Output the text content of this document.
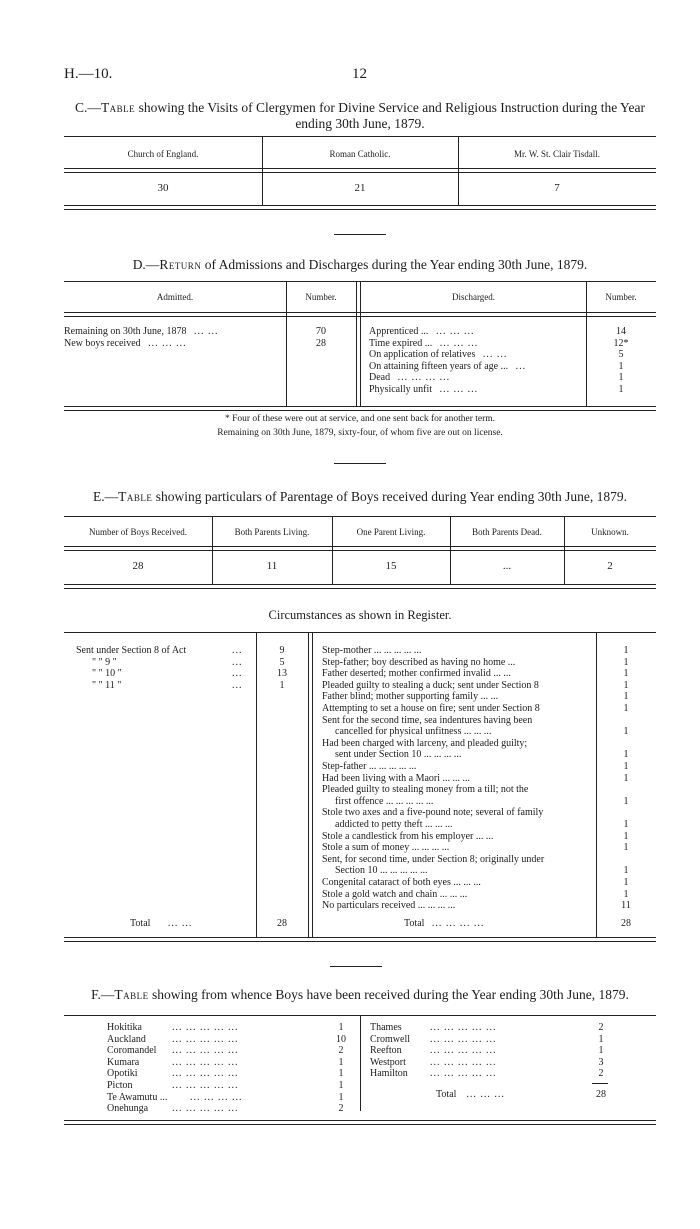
H.—10.	12
C.—Table showing the Visits of Clergymen for Divine Service and Religious Instruction during the Year ending 30th June, 1879.
Church of England.	Roman Catholic.	Mr. W. St. Clair Tisdall.
30	21	7
D.—Return of Admissions and Discharges during the Year ending 30th June, 1879.
Admitted.	Number.	Discharged.	Number.
Remaining on 30th June, 1878 ... ...	70
New boys received ... ... ...	28
Apprenticed ... ... ... ...	14
Time expired ... ... ... ...	12*
On application of relatives ... ...	5
On attaining fifteen years of age ... ...	1
Dead ... ... ... ...	1
Physically unfit ... ... ...	1
* Four of these were out at service, and one sent back for another term.
Remaining on 30th June, 1879, sixty-four, of whom five are out on license.
E.—Table showing particulars of Parentage of Boys received during Year ending 30th June, 1879.
Number of Boys Received.	Both Parents Living.	One Parent Living.	Both Parents Dead.	Unknown.
28	11	15	...	2
Circumstances as shown in Register.
Sent under Section 8 of Act	...	9
" " 9 "	...	5
" " 10 "	...	13
" " 11 "	...	1
Step-mother ... ... ... ... ...	1
Step-father; boy described as having no home ...	1
Father deserted; mother confirmed invalid ... ...	1
Pleaded guilty to stealing a duck; sent under Section 8	1
Father blind; mother supporting family ... ...	1
Attempting to set a house on fire; sent under Section 8	1
Sent for the second time, sea indentures having been
cancelled for physical unfitness ... ... ...	1
Had been charged with larceny, and pleaded guilty;
sent under Section 10 ... ... ... ...	1
Step-father ... ... ... ... ...	1
Had been living with a Maori ... ... ...	1
Pleaded guilty to stealing money from a till; not the
first offence ... ... ... ... ...	1
Stole two axes and a five-pound note; several of family
addicted to petty theft ... ... ...	1
Stole a candlestick from his employer ... ...	1
Stole a sum of money ... ... ... ...	1
Sent, for second time, under Section 8; originally under
Section 10 ... ... ... ... ...	1
Congenital cataract of both eyes ... ... ...	1
Stole a gold watch and chain ... ... ...	1
No particulars received ... ... ... ...	11
Total ... ...	28	Total ... ... ... ...	28
F.—Table showing from whence Boys have been received during the Year ending 30th June, 1879.
Hokitika	... ... ... ... ...	1
Auckland	... ... ... ... ...	10
Coromandel ... ... ... ... ...	2
Kumara	... ... ... ... ...	1
Opotiki	... ... ... ... ...	1
Picton	... ... ... ... ...	1
Te Awamutu ... ... ... ... ...	1
Onehunga ... ... ... ... ...	2
Thames	... ... ... ... ...	2
Cromwell ... ... ... ... ...	1
Reefton	... ... ... ... ...	1
Westport ... ... ... ... ...	3
Hamilton ... ... ... ... ...	2
Total ... ... ...	28
